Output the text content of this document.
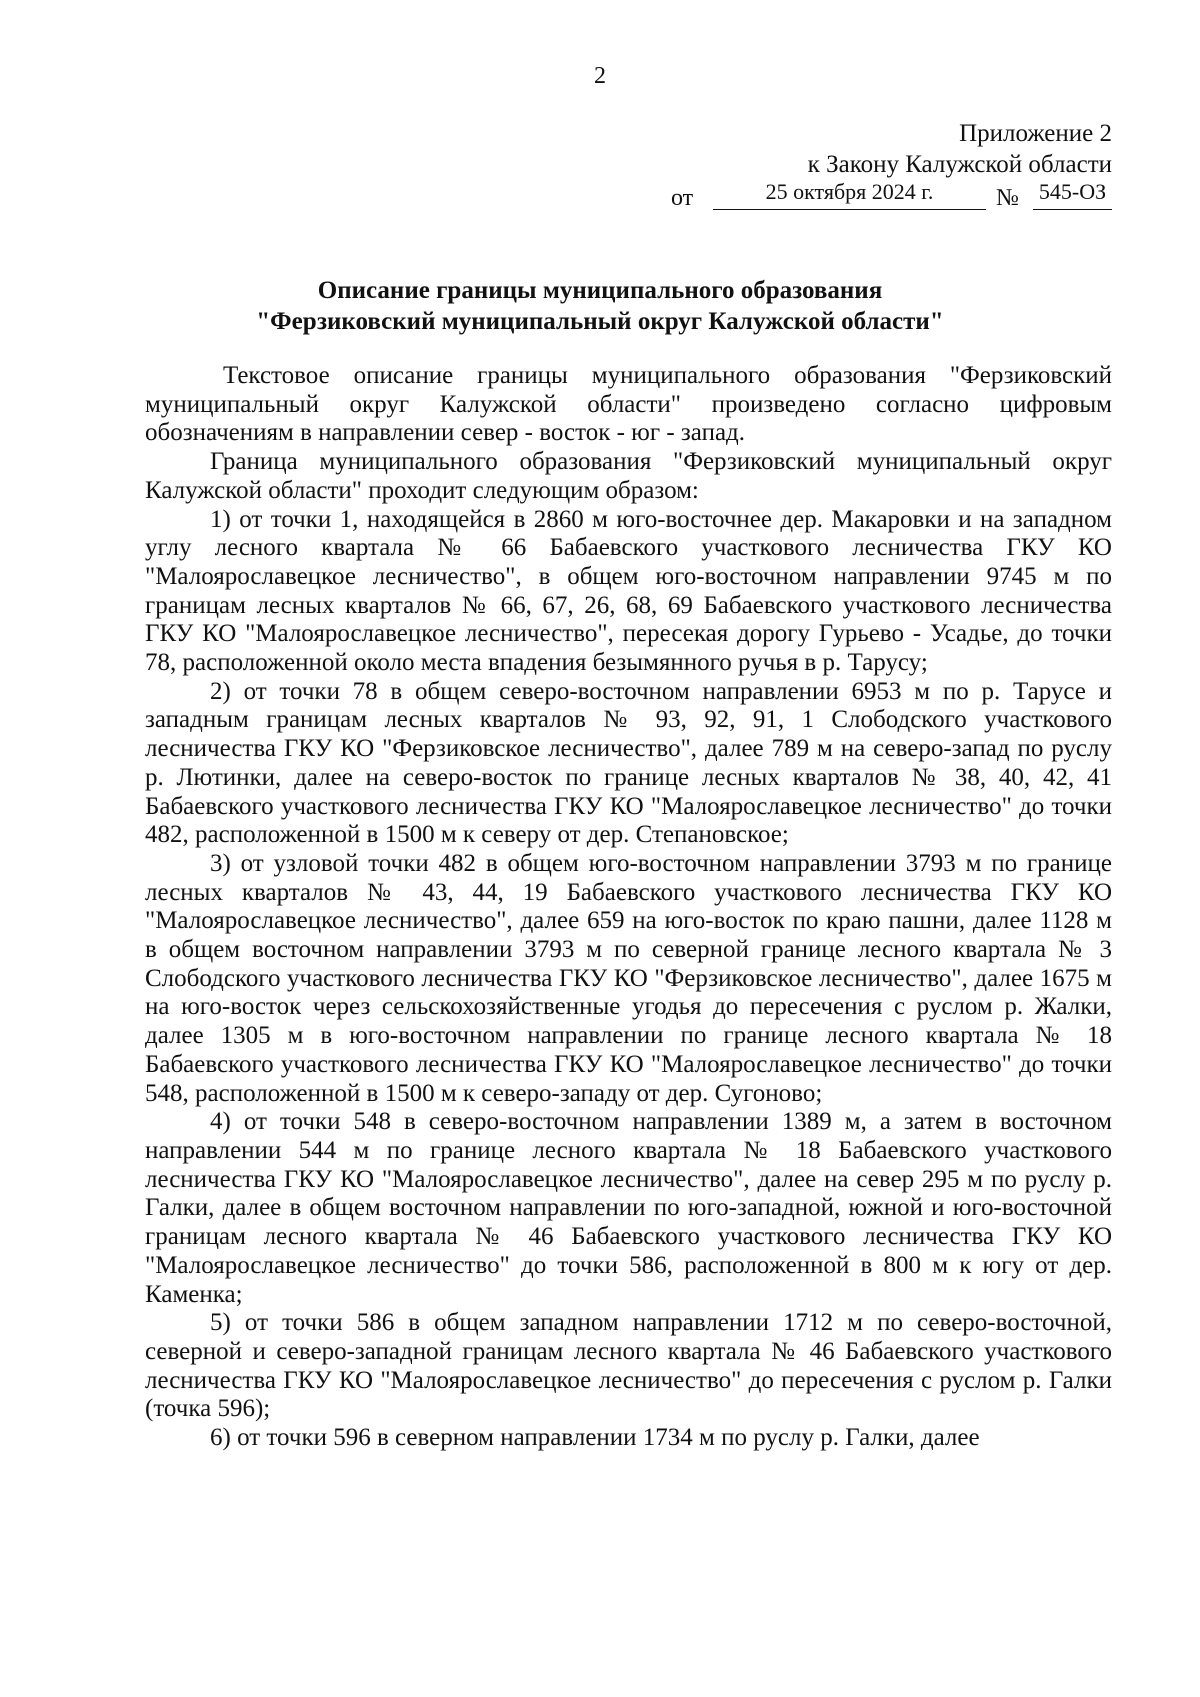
2
Приложение 2
к Закону Калужской области
от	25 октября 2024 г.	№ 545-ОЗ
Описание границы муниципального образования
"Ферзиковский муниципальный округ Калужской области"

Текстовое описание границы муниципального образования "Ферзиковский муниципальный округ Калужской области" произведено согласно цифровым обозначениям в направлении север - восток - юг - запад.

Граница муниципального образования "Ферзиковский муниципальный округ Калужской области" проходит следующим образом:

1) от точки 1, находящейся в 2860 м юго-восточнее дер. Макаровки и на западном углу лесного квартала № 66 Бабаевского участкового лесничества ГКУ КО "Малоярославецкое лесничество", в общем юго-восточном направлении 9745 м по границам лесных кварталов № 66, 67, 26, 68, 69 Бабаевского участкового лесничества ГКУ КО "Малоярославецкое лесничество", пересекая дорогу Гурьево - Усадье, до точки 78, расположенной около места впадения безымянного ручья в р. Тарусу;

2) от точки 78 в общем северо-восточном направлении 6953 м по р. Тарусе и западным границам лесных кварталов № 93, 92, 91, 1 Слободского участкового лесничества ГКУ КО "Ферзиковское лесничество", далее 789 м на северо-запад по руслу р. Лютинки, далее на северо-восток по границе лесных кварталов № 38, 40, 42, 41 Бабаевского участкового лесничества ГКУ КО "Малоярославецкое лесничество" до точки 482, расположенной в 1500 м к северу от дер. Степановское;

3) от узловой точки 482 в общем юго-восточном направлении 3793 м по границе лесных кварталов № 43, 44, 19 Бабаевского участкового лесничества ГКУ КО "Малоярославецкое лесничество", далее 659 на юго-восток по краю пашни, далее 1128 м в общем восточном направлении 3793 м по северной границе лесного квартала № 3 Слободского участкового лесничества ГКУ КО "Ферзиковское лесничество", далее 1675 м на юго-восток через сельскохозяйственные угодья до пересечения с руслом р. Жалки, далее 1305 м в юго-восточном направлении по границе лесного квартала № 18 Бабаевского участкового лесничества ГКУ КО "Малоярославецкое лесничество" до точки 548, расположенной в 1500 м к северо-западу от дер. Сугоново;

4) от точки 548 в северо-восточном направлении 1389 м, а затем в восточном направлении 544 м по границе лесного квартала № 18 Бабаевского участкового лесничества ГКУ КО "Малоярославецкое лесничество", далее на север 295 м по руслу р. Галки, далее в общем восточном направлении по юго-западной, южной и юго-восточной границам лесного квартала № 46 Бабаевского участкового лесничества ГКУ КО "Малоярославецкое лесничество" до точки 586, расположенной в 800 м к югу от дер. Каменка;

5) от точки 586 в общем западном направлении 1712 м по северо-восточной, северной и северо-западной границам лесного квартала № 46 Бабаевского участкового лесничества ГКУ КО "Малоярославецкое лесничество" до пересечения с руслом р. Галки (точка 596);

6) от точки 596 в северном направлении 1734 м по руслу р. Галки, далее
